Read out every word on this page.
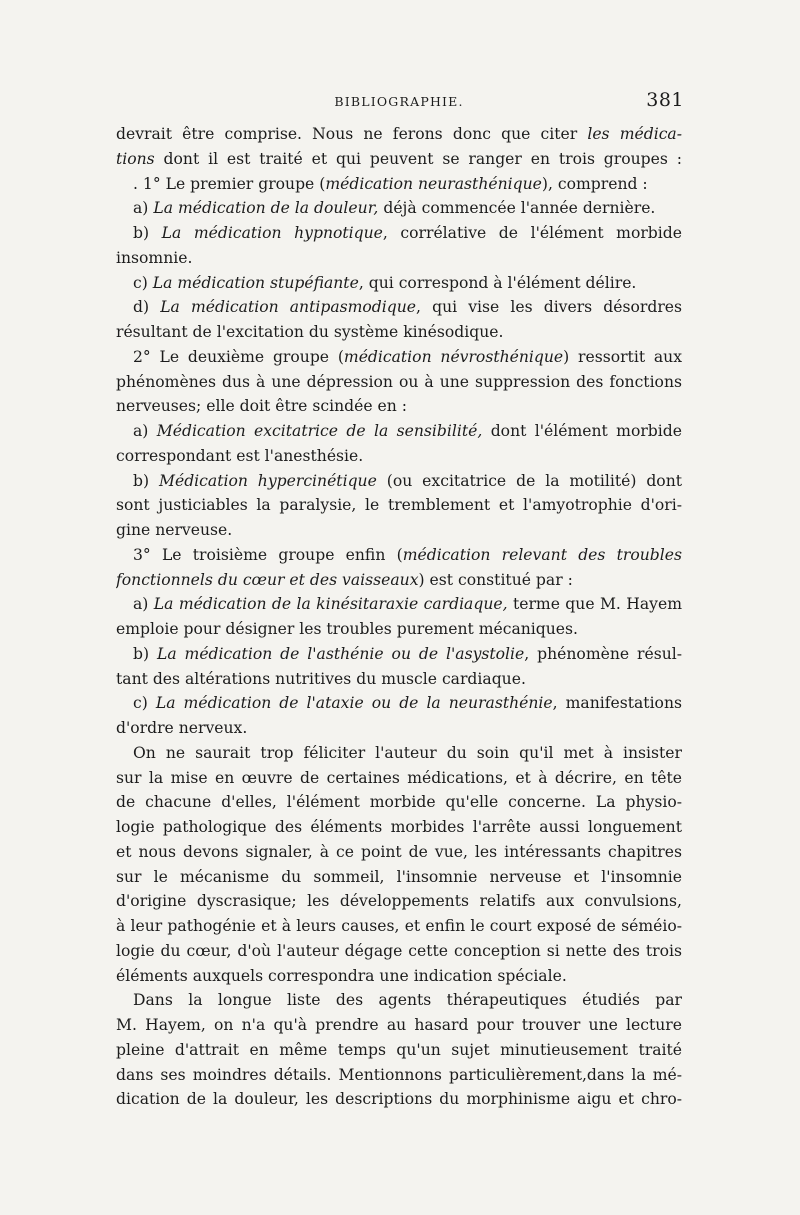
BIBLIOGRAPHIE.	381
devrait être comprise. Nous ne ferons donc que citer les médica-
tions dont il est traité et qui peuvent se ranger en trois groupes :
. 1° Le premier groupe (médication neurasthénique), comprend :
a) La médication de la douleur, déjà commencée l'année dernière.
b) La médication hypnotique, corrélative de l'élément morbide
insomnie.
c) La médication stupéfiante, qui correspond à l'élément délire.
d) La médication antipasmodique, qui vise les divers désordres
résultant de l'excitation du système kinésodique.
2° Le deuxième groupe (médication névrosthénique) ressortit aux
phénomènes dus à une dépression ou à une suppression des fonctions
nerveuses; elle doit être scindée en :
a) Médication excitatrice de la sensibilité, dont l'élément morbide
correspondant est l'anesthésie.
b) Médication hypercinétique (ou excitatrice de la motilité) dont
sont justiciables la paralysie, le tremblement et l'amyotrophie d'ori-
gine nerveuse.
3° Le troisième groupe enfin (médication relevant des troubles
fonctionnels du cœur et des vaisseaux) est constitué par :
a) La médication de la kinésitaraxie cardiaque, terme que M. Hayem
emploie pour désigner les troubles purement mécaniques.
b) La médication de l'asthénie ou de l'asystolie, phénomène résul-
tant des altérations nutritives du muscle cardiaque.
c) La médication de l'ataxie ou de la neurasthénie, manifestations
d'ordre nerveux.
On ne saurait trop féliciter l'auteur du soin qu'il met à insister
sur la mise en œuvre de certaines médications, et à décrire, en tête
de chacune d'elles, l'élément morbide qu'elle concerne. La physio-
logie pathologique des éléments morbides l'arrête aussi longuement
et nous devons signaler, à ce point de vue, les intéressants chapitres
sur le mécanisme du sommeil, l'insomnie nerveuse et l'insomnie
d'origine dyscrasique; les développements relatifs aux convulsions,
à leur pathogénie et à leurs causes, et enfin le court exposé de séméio-
logie du cœur, d'où l'auteur dégage cette conception si nette des trois
éléments auxquels correspondra une indication spéciale.
Dans la longue liste des agents thérapeutiques étudiés par
M. Hayem, on n'a qu'à prendre au hasard pour trouver une lecture
pleine d'attrait en même temps qu'un sujet minutieusement traité
dans ses moindres détails. Mentionnons particulièrement,dans la mé-
dication de la douleur, les descriptions du morphinisme aigu et chro-
